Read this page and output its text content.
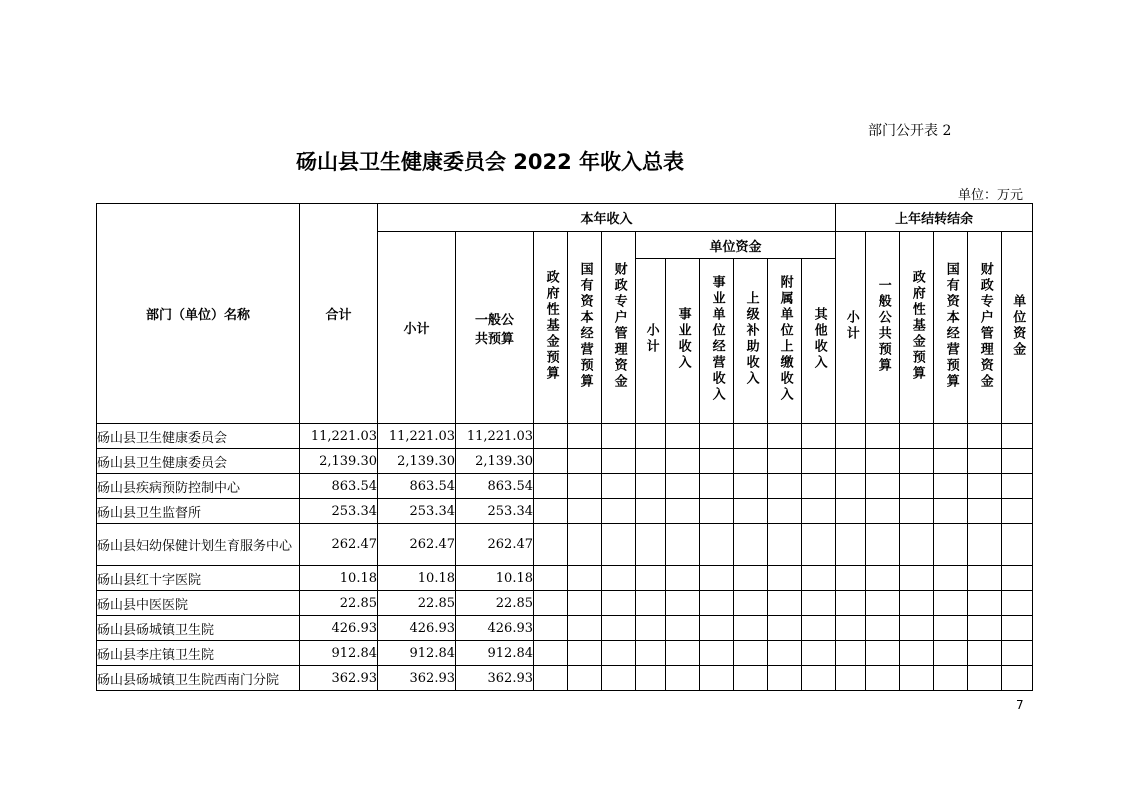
部门公开表 2
砀山县卫生健康委员会 2022 年收入总表
单位：万元
部门（单位）名称	合计	本年收入											上年结转结余					
		小计	一般公共预算	政府性基金预算	国有资本经营预算	财政专户管理资金	单位资金						小计	一般公共预算	政府性基金预算	国有资本经营预算	财政专户管理资金	单位资金
							小计	事业收入	事业单位经营收入	上级补助收入	附属单位上缴收入	其他收入						
砀山县卫生健康委员会	11,221.03	11,221.03	11,221.03															
砀山县卫生健康委员会	2,139.30	2,139.30	2,139.30															
砀山县疾病预防控制中心	863.54	863.54	863.54															
砀山县卫生监督所	253.34	253.34	253.34															
砀山县妇幼保健计划生育服务中心	262.47	262.47	262.47															
砀山县红十字医院	10.18	10.18	10.18															
砀山县中医医院	22.85	22.85	22.85															
砀山县砀城镇卫生院	426.93	426.93	426.93															
砀山县李庄镇卫生院	912.84	912.84	912.84															
砀山县砀城镇卫生院西南门分院	362.93	362.93	362.93															
7
